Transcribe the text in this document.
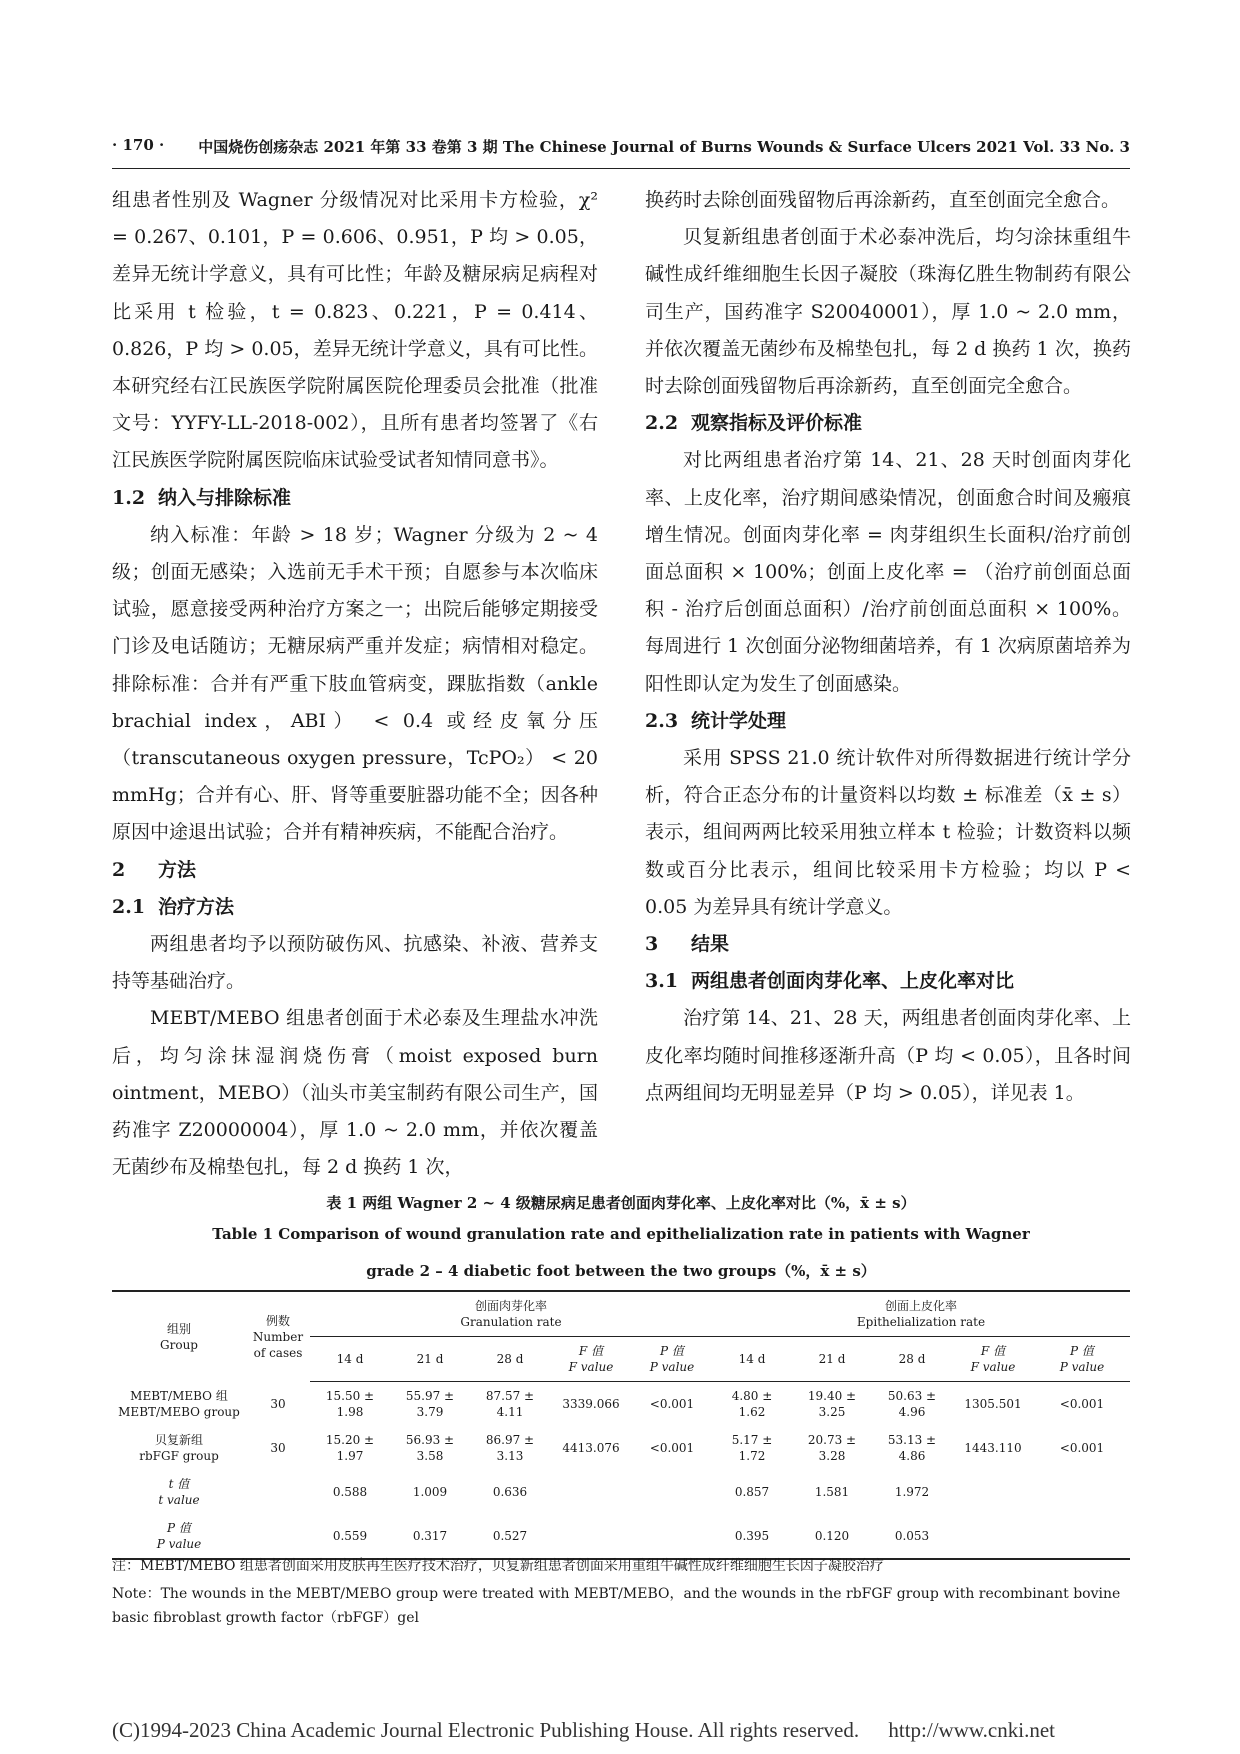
· 170 · 中国烧伤创疡杂志 2021 年第 33 卷第 3 期 The Chinese Journal of Burns Wounds & Surface Ulcers 2021 Vol. 33 No. 3

组患者性别及 Wagner 分级情况对比采用卡方检验，χ² = 0.267、0.101，P = 0.606、0.951，P 均 > 0.05，差异无统计学意义，具有可比性；年龄及糖尿病足病程对比采用 t 检验，t = 0.823、0.221，P = 0.414、0.826，P 均 > 0.05，差异无统计学意义，具有可比性。本研究经右江民族医学院附属医院伦理委员会批准（批准文号：YYFY-LL-2018-002），且所有患者均签署了《右江民族医学院附属医院临床试验受试者知情同意书》。

1.2 纳入与排除标准

纳入标准：年龄 > 18 岁；Wagner 分级为 2 ~ 4 级；创面无感染；入选前无手术干预；自愿参与本次临床试验，愿意接受两种治疗方案之一；出院后能够定期接受门诊及电话随访；无糖尿病严重并发症；病情相对稳定。排除标准：合并有严重下肢血管病变，踝肱指数（ankle brachial index，ABI） < 0.4 或经皮氧分压（transcutaneous oxygen pressure，TcPO₂） < 20 mmHg；合并有心、肝、肾等重要脏器功能不全；因各种原因中途退出试验；合并有精神疾病，不能配合治疗。

2 方法
2.1 治疗方法

两组患者均予以预防破伤风、抗感染、补液、营养支持等基础治疗。

MEBT/MEBO 组患者创面于术必泰及生理盐水冲洗后，均匀涂抹湿润烧伤膏（moist exposed burn ointment，MEBO）（汕头市美宝制药有限公司生产，国药准字 Z20000004），厚 1.0 ~ 2.0 mm，并依次覆盖无菌纱布及棉垫包扎，每 2 d 换药 1 次，

换药时去除创面残留物后再涂新药，直至创面完全愈合。

贝复新组患者创面于术必泰冲洗后，均匀涂抹重组牛碱性成纤维细胞生长因子凝胶（珠海亿胜生物制药有限公司生产，国药准字 S20040001），厚 1.0 ~ 2.0 mm，并依次覆盖无菌纱布及棉垫包扎，每 2 d 换药 1 次，换药时去除创面残留物后再涂新药，直至创面完全愈合。

2.2 观察指标及评价标准

对比两组患者治疗第 14、21、28 天时创面肉芽化率、上皮化率，治疗期间感染情况，创面愈合时间及瘢痕增生情况。创面肉芽化率 = 肉芽组织生长面积/治疗前创面总面积 × 100%；创面上皮化率 = （治疗前创面总面积 - 治疗后创面总面积）/治疗前创面总面积 × 100%。每周进行 1 次创面分泌物细菌培养，有 1 次病原菌培养为阳性即认定为发生了创面感染。

2.3 统计学处理

采用 SPSS 21.0 统计软件对所得数据进行统计学分析，符合正态分布的计量资料以均数 ± 标准差（x̄ ± s）表示，组间两两比较采用独立样本 t 检验；计数资料以频数或百分比表示，组间比较采用卡方检验；均以 P < 0.05 为差异具有统计学意义。

3 结果
3.1 两组患者创面肉芽化率、上皮化率对比

治疗第 14、21、28 天，两组患者创面肉芽化率、上皮化率均随时间推移逐渐升高（P 均 < 0.05），且各时间点两组间均无明显差异（P 均 > 0.05），详见表 1。

表 1 两组 Wagner 2 ~ 4 级糖尿病足患者创面肉芽化率、上皮化率对比（%，x̄ ± s）
Table 1 Comparison of wound granulation rate and epithelialization rate in patients with Wagner
grade 2 – 4 diabetic foot between the two groups（%，x̄ ± s）
组别
Group	例数
Number of cases	创面肉芽化率
Granulation rate					创面上皮化率
Epithelialization rate				

		14 d	21 d	28 d	F 值
F value	P 值
P value	14 d	21 d	28 d	F 值
F value	P 值
P value

MEBT/MEBO 组
MEBT/MEBO group	30	15.50 ±
1.98	55.97 ±
3.79	87.57 ±
4.11	3339.066	<0.001	4.80 ±
1.62	19.40 ±
3.25	50.63 ±
4.96	1305.501	<0.001

贝复新组
rbFGF group	30	15.20 ±
1.97	56.93 ±
3.58	86.97 ±
3.13	4413.076	<0.001	5.17 ±
1.72	20.73 ±
3.28	53.13 ±
4.86	1443.110	<0.001

t 值
t value		0.588	1.009	0.636			0.857	1.581	1.972		

P 值
P value		0.559	0.317	0.527			0.395	0.120	0.053		
注：MEBT/MEBO 组患者创面采用皮肤再生医疗技术治疗，贝复新组患者创面采用重组牛碱性成纤维细胞生长因子凝胶治疗
Note：The wounds in the MEBT/MEBO group were treated with MEBT/MEBO，and the wounds in the rbFGF group with recombinant bovine basic fibroblast growth factor（rbFGF）gel
(C)1994-2023 China Academic Journal Electronic Publishing House. All rights reserved. http://www.cnki.net
